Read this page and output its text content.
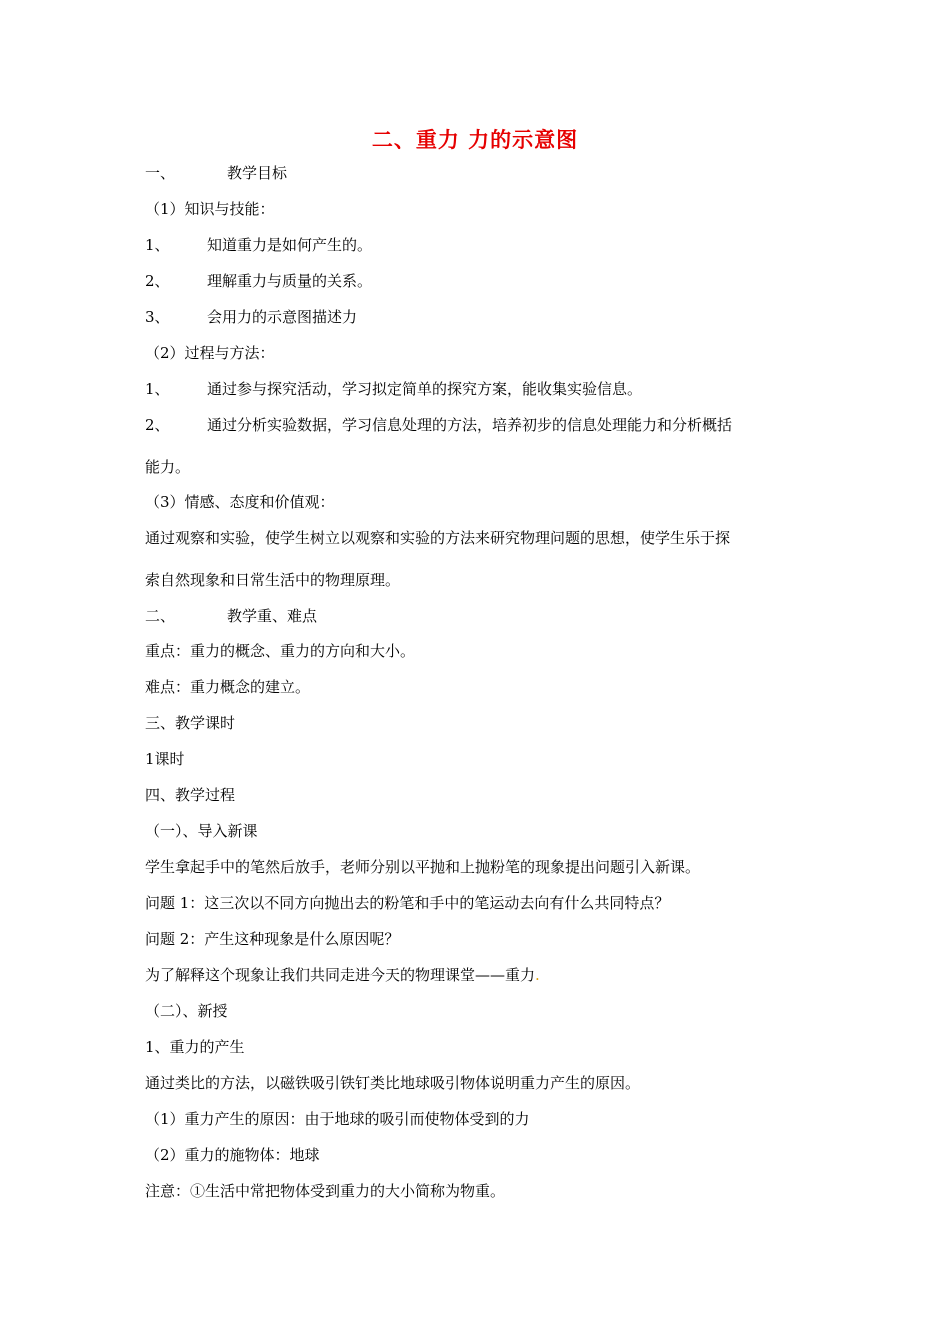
二、重力 力的示意图
一、	教学目标
（1）知识与技能：
1、 知道重力是如何产生的。
2、 理解重力与质量的关系。
3、 会用力的示意图描述力
（2）过程与方法：
1、 通过参与探究活动，学习拟定简单的探究方案，能收集实验信息。
2、 通过分析实验数据，学习信息处理的方法，培养初步的信息处理能力和分析概括
能力。
（3）情感、态度和价值观：
通过观察和实验，使学生树立以观察和实验的方法来研究物理问题的思想，使学生乐于探
索自然现象和日常生活中的物理原理。
二、	教学重、难点
重点：重力的概念、重力的方向和大小。
难点：重力概念的建立。
三、教学课时
1课时
四、教学过程
（一）、导入新课
学生拿起手中的笔然后放手，老师分别以平抛和上抛粉笔的现象提出问题引入新课。
问题 1：这三次以不同方向抛出去的粉笔和手中的笔运动去向有什么共同特点？
问题 2：产生这种现象是什么原因呢？
为了解释这个现象让我们共同走进今天的物理课堂——重力.
（二）、新授
1、重力的产生
通过类比的方法，以磁铁吸引铁钉类比地球吸引物体说明重力产生的原因。
（1）重力产生的原因：由于地球的吸引而使物体受到的力
（2）重力的施物体：地球
注意：①生活中常把物体受到重力的大小简称为物重。
